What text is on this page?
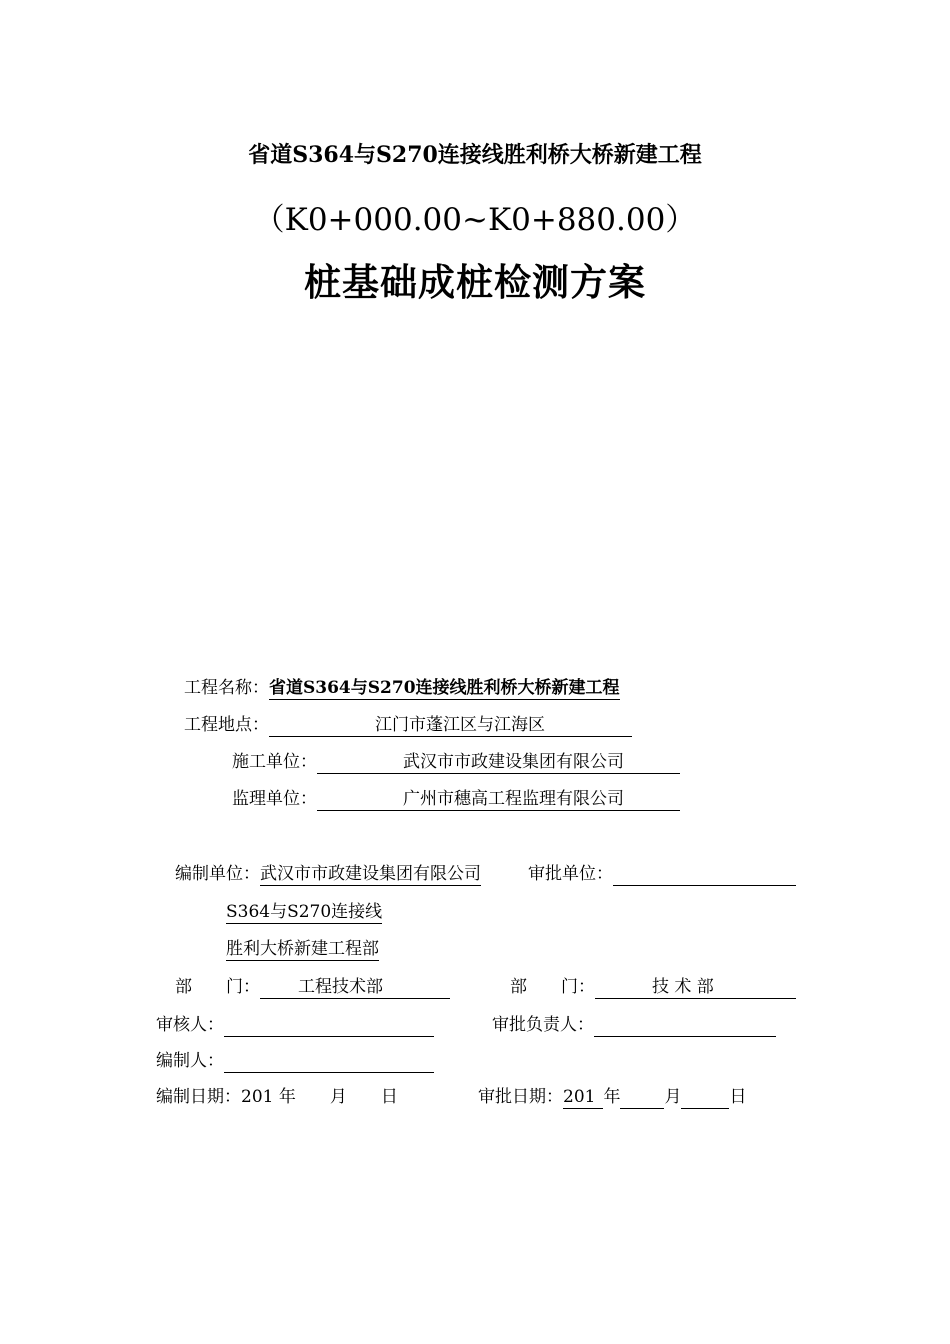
省道S364与S270连接线胜利桥大桥新建工程
（K0+000.00~K0+880.00）
桩基础成桩检测方案
工程名称：省道S364与S270连接线胜利桥大桥新建工程
工程地点：	江门市蓬江区与江海区
施工单位：	武汉市市政建设集团有限公司
监理单位：	广州市穗高工程监理有限公司
编制单位：武汉市市政建设集团有限公司	审批单位：
S364与S270连接线
胜利大桥新建工程部
部　　门： 工程技术部	部　　门：	技 术 部
审核人：	审批负责人：
编制人：
编制日期：201 年　　月　　日	审批日期：201 年	月	日
